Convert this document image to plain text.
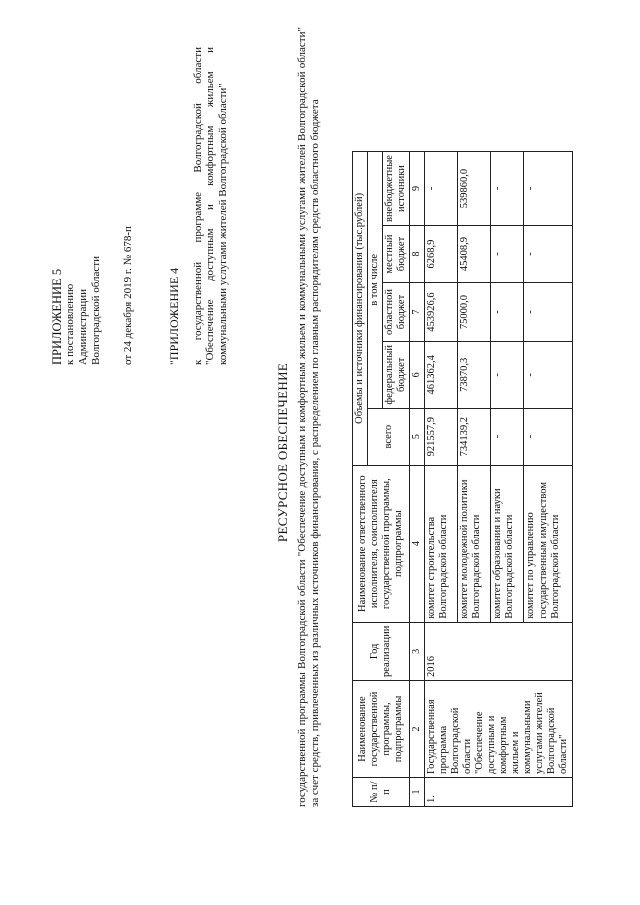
ПРИЛОЖЕНИЕ 5 к постановлению Администрации Волгоградской области от 24 декабря 2019 г. № 678-п	"ПРИЛОЖЕНИЕ 4 к государственной программе Волгоградской области "Обеспечение доступным и комфортным жильем и коммунальными услугами жителей Волгоградской области"
РЕСУРСНОЕ ОБЕСПЕЧЕНИЕ государственной программы Волгоградской области "Обеспечение доступным и комфортным жильем и коммунальными услугами жителей Волгоградской области" за счет средств, привлеченных из различных источников финансирования, с распределением по главным распорядителям средств областного бюджета	№ п/п	Наименование государственной программы, подпрограммы	Год реализации	Наименование ответственного исполнителя, соисполнителя государственной программы, подпрограммы	Объемы и источники финансирования (тыс.рублей)				
				всего	в том числе			
					федеральный бюджет	областной бюджет	местный бюджет	внебюджетные источники
1	2	3	4	5	6	7	8	9
1.	Государственная программа Волгоградской области "Обеспечение доступным и комфортным жильем и коммунальными услугами жителей Волгоградской области"	2016	комитет строительства Волгоградской области	921557,9	461362,4	453926,6	6268,9	-
			комитет молодежной политики Волгоградской области	734139,2	73870,3	75000,0	45408,9	539860,0
			комитет образования и науки Волгоградской области	-	-	-	-	-
			комитет по управлению государственным имуществом Волгоградской области	-	-	-	-	-
